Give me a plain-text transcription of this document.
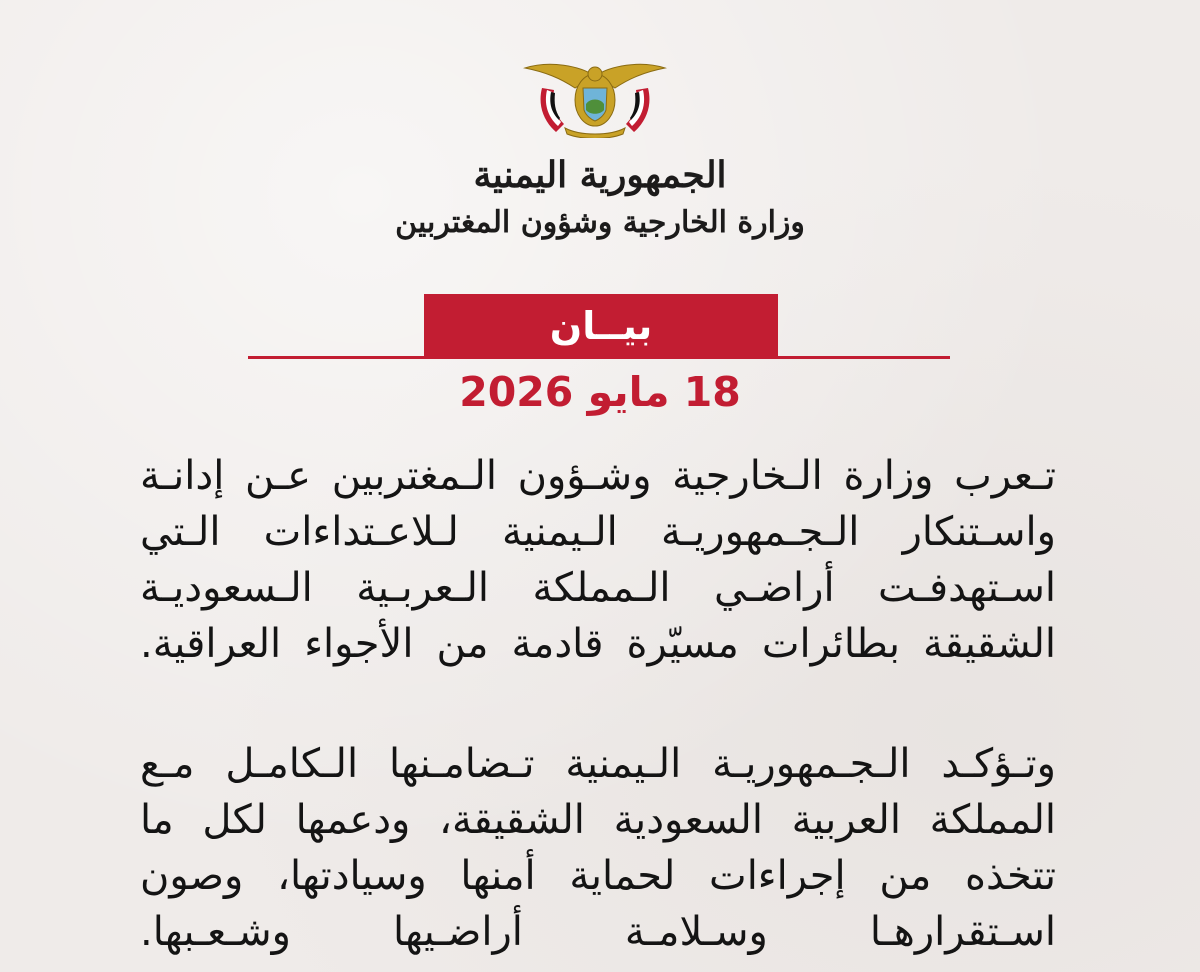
الجمهورية اليمنية
وزارة الخارجية وشؤون المغتربين
بيــان
18 مايو 2026
تـعرب وزارة الـخارجية وشـؤون الـمغتربين عـن إدانـة
واسـتنكار الـجـمهوريـة الـيمنية لـلاعـتداءات الـتي
اسـتهدفـت أراضـي الـمملكة الـعربـية الـسعوديـة
الشقيقة بطائرات مسيّرة قادمة من الأجواء العراقية.
وتـؤكـد الـجـمهوريـة الـيمنية تـضامـنها الـكامـل مـع
المملكة العربية السعودية الشقيقة، ودعمها لكل ما
تتخذه من إجراءات لحماية أمنها وسيادتها، وصون
اسـتقرارهـا وسـلامـة أراضـيها وشـعـبها.
